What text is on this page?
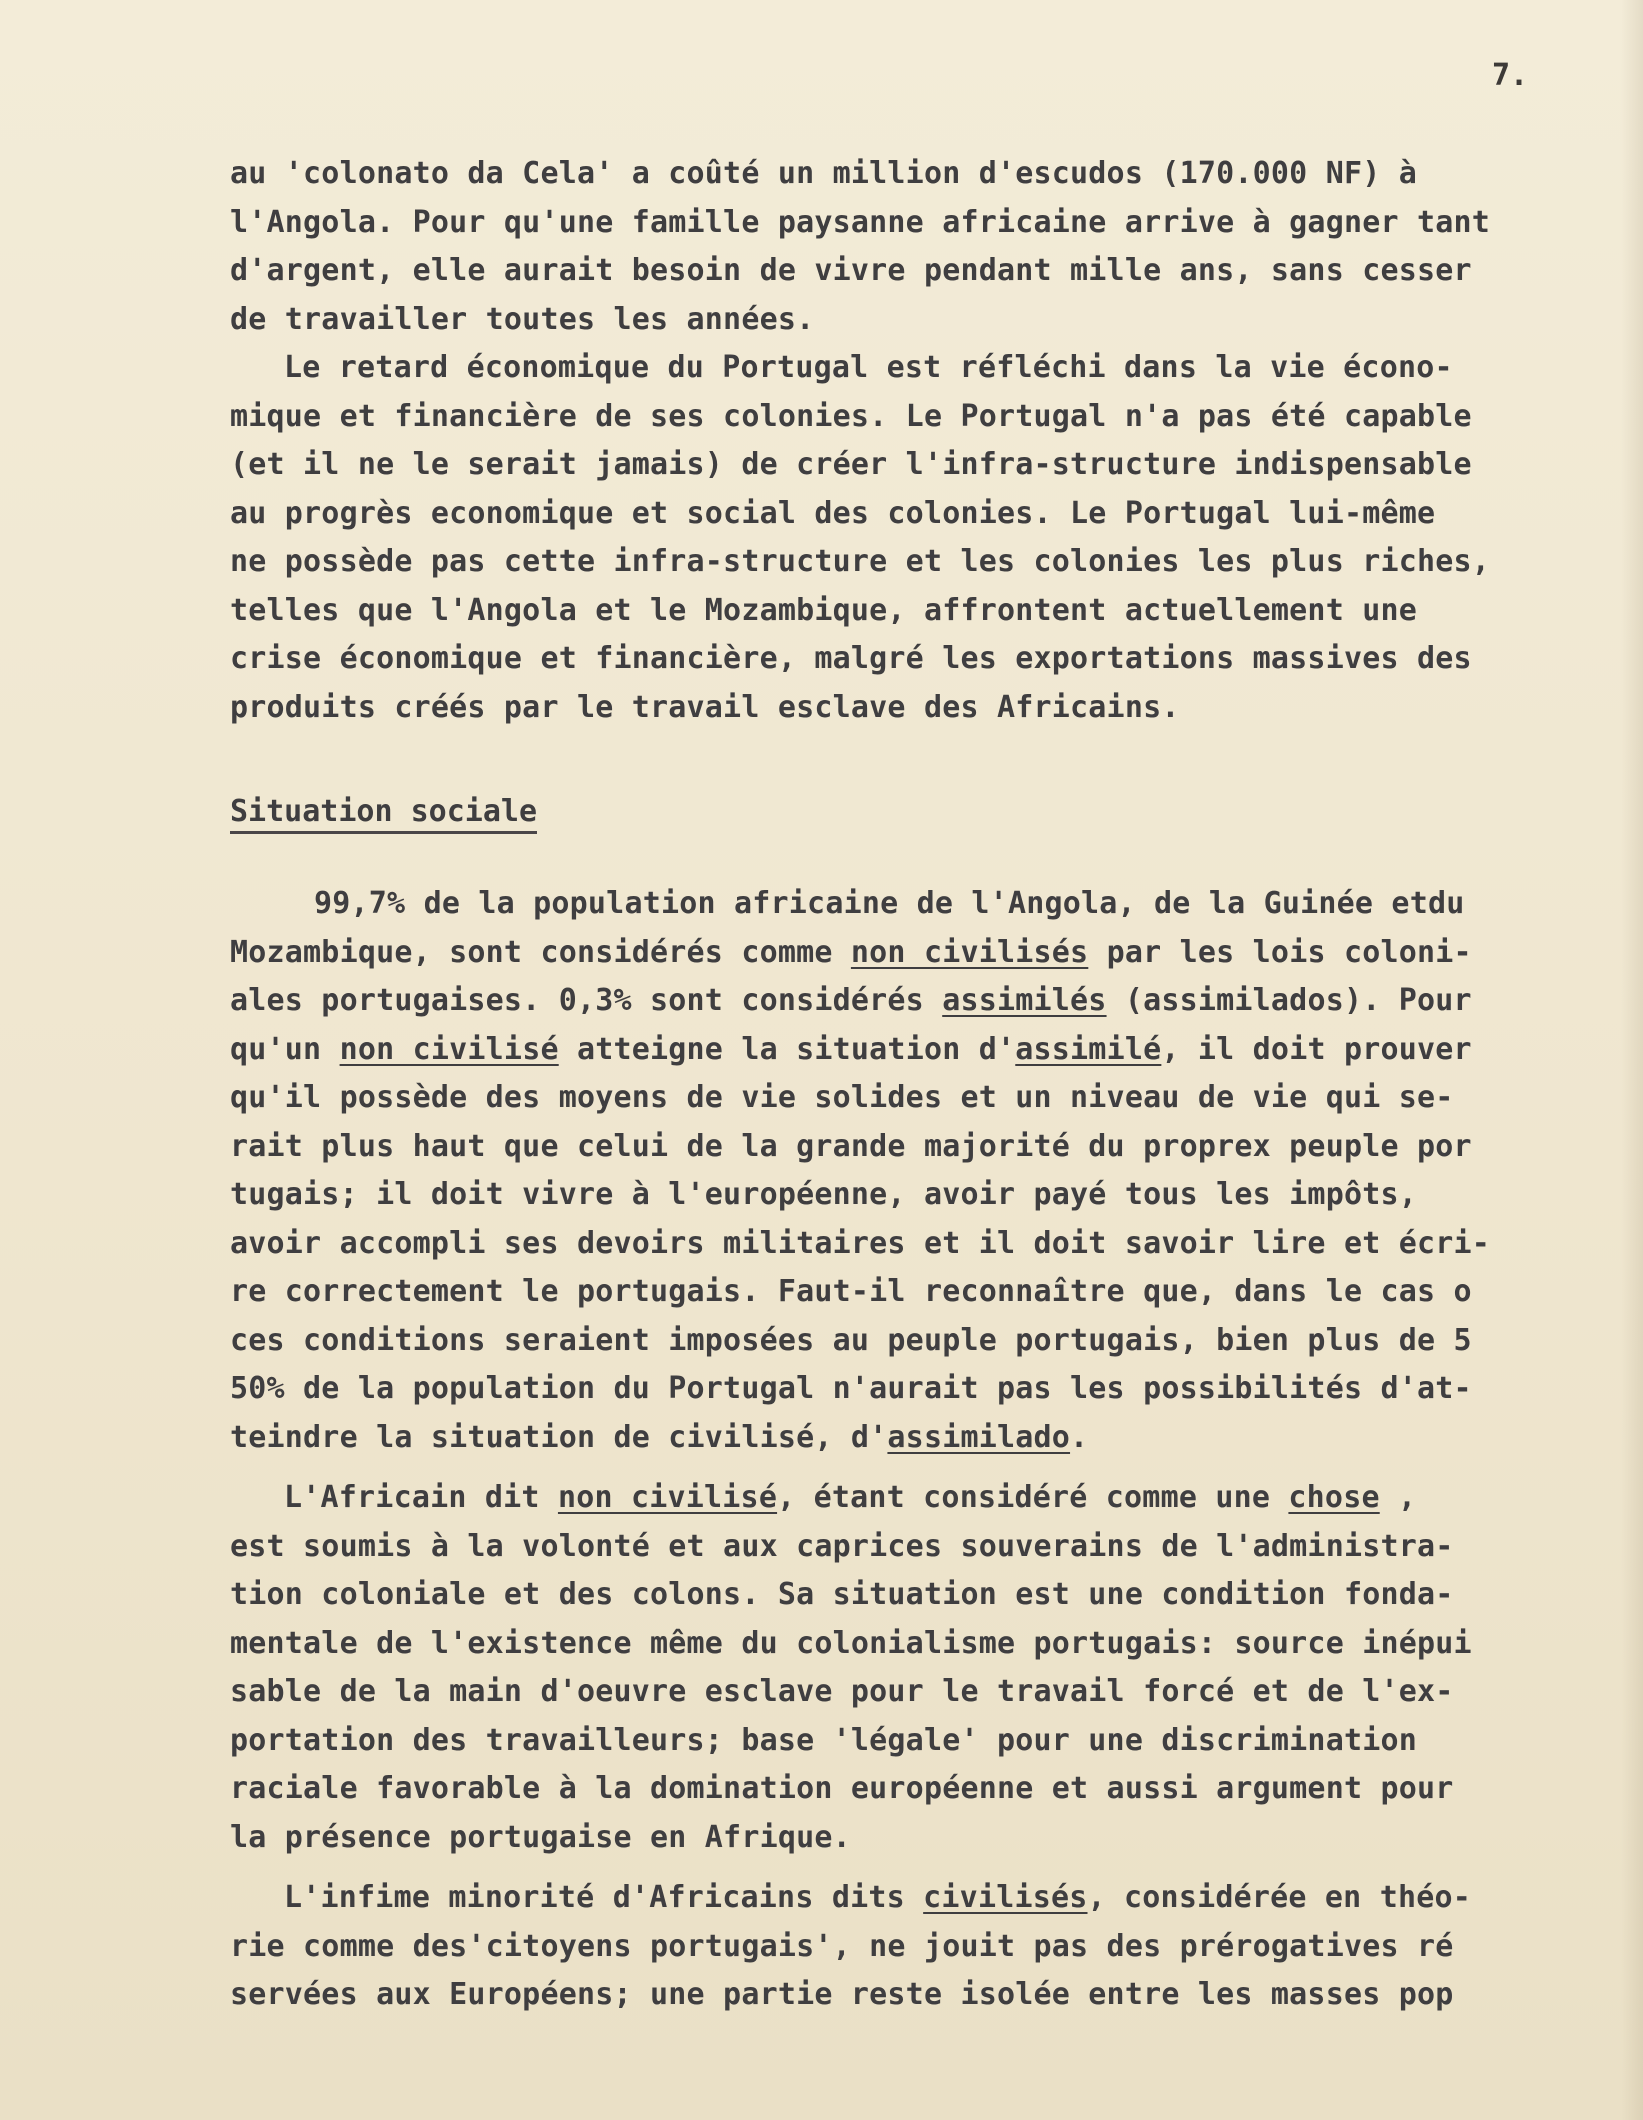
7.

au 'colonato da Cela' a coûté un million d'escudos (170.000 NF) à
l'Angola. Pour qu'une famille paysanne africaine arrive à gagner tant
d'argent, elle aurait besoin de vivre pendant mille ans, sans cesser
de travailler toutes les années.

Le retard économique du Portugal est réfléchi dans la vie écono-
mique et financière de ses colonies. Le Portugal n'a pas été capable
(et il ne le serait jamais) de créer l'infra-structure indispensable
au progrès economique et social des colonies. Le Portugal lui-même
ne possède pas cette infra-structure et les colonies les plus riches,
telles que l'Angola et le Mozambique, affrontent actuellement une
crise économique et financière, malgré les exportations massives des
produits créés par le travail esclave des Africains.

Situation sociale

99,7% de la population africaine de l'Angola, de la Guinée etdu
Mozambique, sont considérés comme non civilisés par les lois coloni-
ales portugaises. 0,3% sont considérés assimilés (assimilados). Pour
qu'un non civilisé atteigne la situation d'assimilé, il doit prouver
qu'il possède des moyens de vie solides et un niveau de vie qui se-
rait plus haut que celui de la grande majorité du proprex peuple por
tugais; il doit vivre à l'européenne, avoir payé tous les impôts,
avoir accompli ses devoirs militaires et il doit savoir lire et écri-
re correctement le portugais. Faut-il reconnaître que, dans le cas o
ces conditions seraient imposées au peuple portugais, bien plus de 5
50% de la population du Portugal n'aurait pas les possibilités d'at-
teindre la situation de civilisé, d'assimilado.

L'Africain dit non civilisé, étant considéré comme une chose ,
est soumis à la volonté et aux caprices souverains de l'administra-
tion coloniale et des colons. Sa situation est une condition fonda-
mentale de l'existence même du colonialisme portugais: source inépui
sable de la main d'oeuvre esclave pour le travail forcé et de l'ex-
portation des travailleurs; base 'légale' pour une discrimination
raciale favorable à la domination européenne et aussi argument pour
la présence portugaise en Afrique.

L'infime minorité d'Africains dits civilisés, considérée en théo-
rie comme des'citoyens portugais', ne jouit pas des prérogatives ré
servées aux Européens; une partie reste isolée entre les masses pop
